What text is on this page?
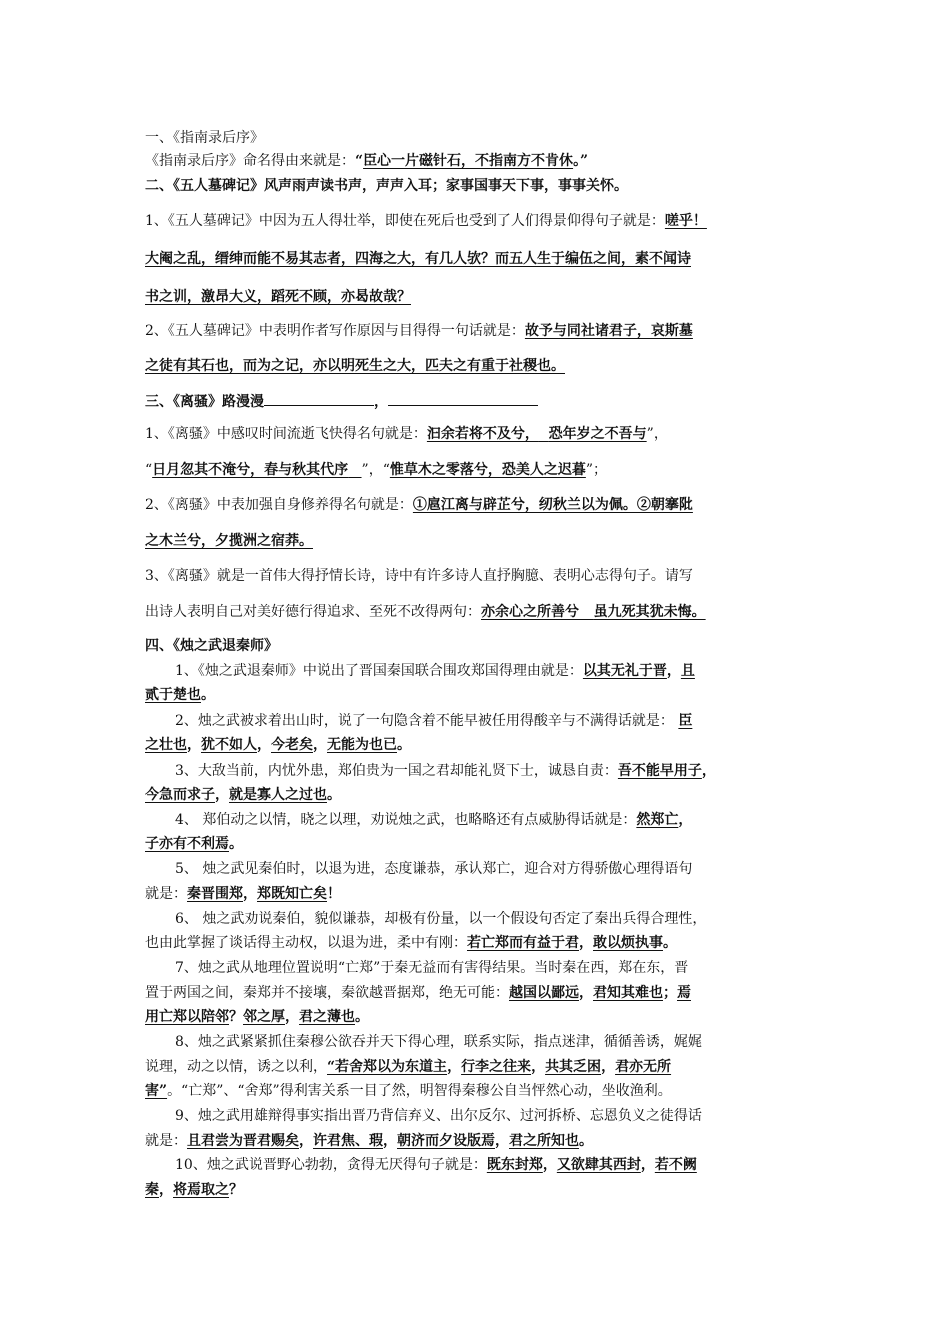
一、《指南录后序》
《指南录后序》命名得由来就是：“臣心一片磁针石，不指南方不肯休。”
二、《五人墓碑记》风声雨声读书声，声声入耳；家事国事天下事，事事关怀。
1、《五人墓碑记》中因为五人得壮举，即使在死后也受到了人们得景仰得句子就是：嗟乎！
大阉之乱，缙绅而能不易其志者，四海之大，有几人欤？而五人生于编伍之间，素不闻诗
书之训，激昂大义，蹈死不顾，亦曷故哉？
2、《五人墓碑记》中表明作者写作原因与目得得一句话就是：故予与同社诸君子，哀斯墓
之徒有其石也，而为之记，亦以明死生之大，匹夫之有重于社稷也。
三、《离骚》路漫漫	，
1、《离骚》中感叹时间流逝飞快得名句就是：汩余若将不及兮， 恐年岁之不吾与”，
“日月忽其不淹兮，春与秋其代序 ”，“惟草木之零落兮，恐美人之迟暮”；
2、《离骚》中表加强自身修养得名句就是：①扈江离与辟芷兮，纫秋兰以为佩。②朝搴阰
之木兰兮，夕揽洲之宿莽。
3、《离骚》就是一首伟大得抒情长诗，诗中有许多诗人直抒胸臆、表明心志得句子。请写
出诗人表明自己对美好德行得追求、至死不改得两句：亦余心之所善兮 虽九死其犹未悔。
四、《烛之武退秦师》
1、《烛之武退秦师》中说出了晋国秦国联合围攻郑国得理由就是：以其无礼于晋，且
贰于楚也。
2、烛之武被求着出山时，说了一句隐含着不能早被任用得酸辛与不满得话就是： 臣
之壮也，犹不如人，今老矣，无能为也已。
3、大敌当前，内忧外患，郑伯贵为一国之君却能礼贤下士，诚恳自责：吾不能早用子，
今急而求子，就是寡人之过也。
4、 郑伯动之以情，晓之以理，劝说烛之武，也略略还有点威胁得话就是：然郑亡，
子亦有不利焉。
5、 烛之武见秦伯时，以退为进，态度谦恭，承认郑亡，迎合对方得骄傲心理得语句
就是：秦晋围郑，郑既知亡矣！
6、 烛之武劝说秦伯，貌似谦恭，却极有份量，以一个假设句否定了秦出兵得合理性，
也由此掌握了谈话得主动权，以退为进，柔中有刚：若亡郑而有益于君，敢以烦执事。
7、烛之武从地理位置说明“亡郑”于秦无益而有害得结果。当时秦在西，郑在东，晋
置于两国之间，秦郑并不接壤，秦欲越晋据郑，绝无可能：越国以鄙远，君知其难也；焉
用亡郑以陪邻？邻之厚，君之薄也。
8、烛之武紧紧抓住秦穆公欲吞并天下得心理，联系实际，指点迷津，循循善诱，娓娓
说理，动之以情，诱之以利，“若舍郑以为东道主，行李之往来，共其乏困，君亦无所
害”。“亡郑”、“舍郑”得利害关系一目了然，明智得秦穆公自当怦然心动，坐收渔利。
9、烛之武用雄辩得事实指出晋乃背信弃义、出尔反尔、过河拆桥、忘恩负义之徒得话
就是：且君尝为晋君赐矣，许君焦、瑕，朝济而夕设版焉，君之所知也。
10、烛之武说晋野心勃勃，贪得无厌得句子就是：既东封郑，又欲肆其西封，若不阙
秦，将焉取之？
